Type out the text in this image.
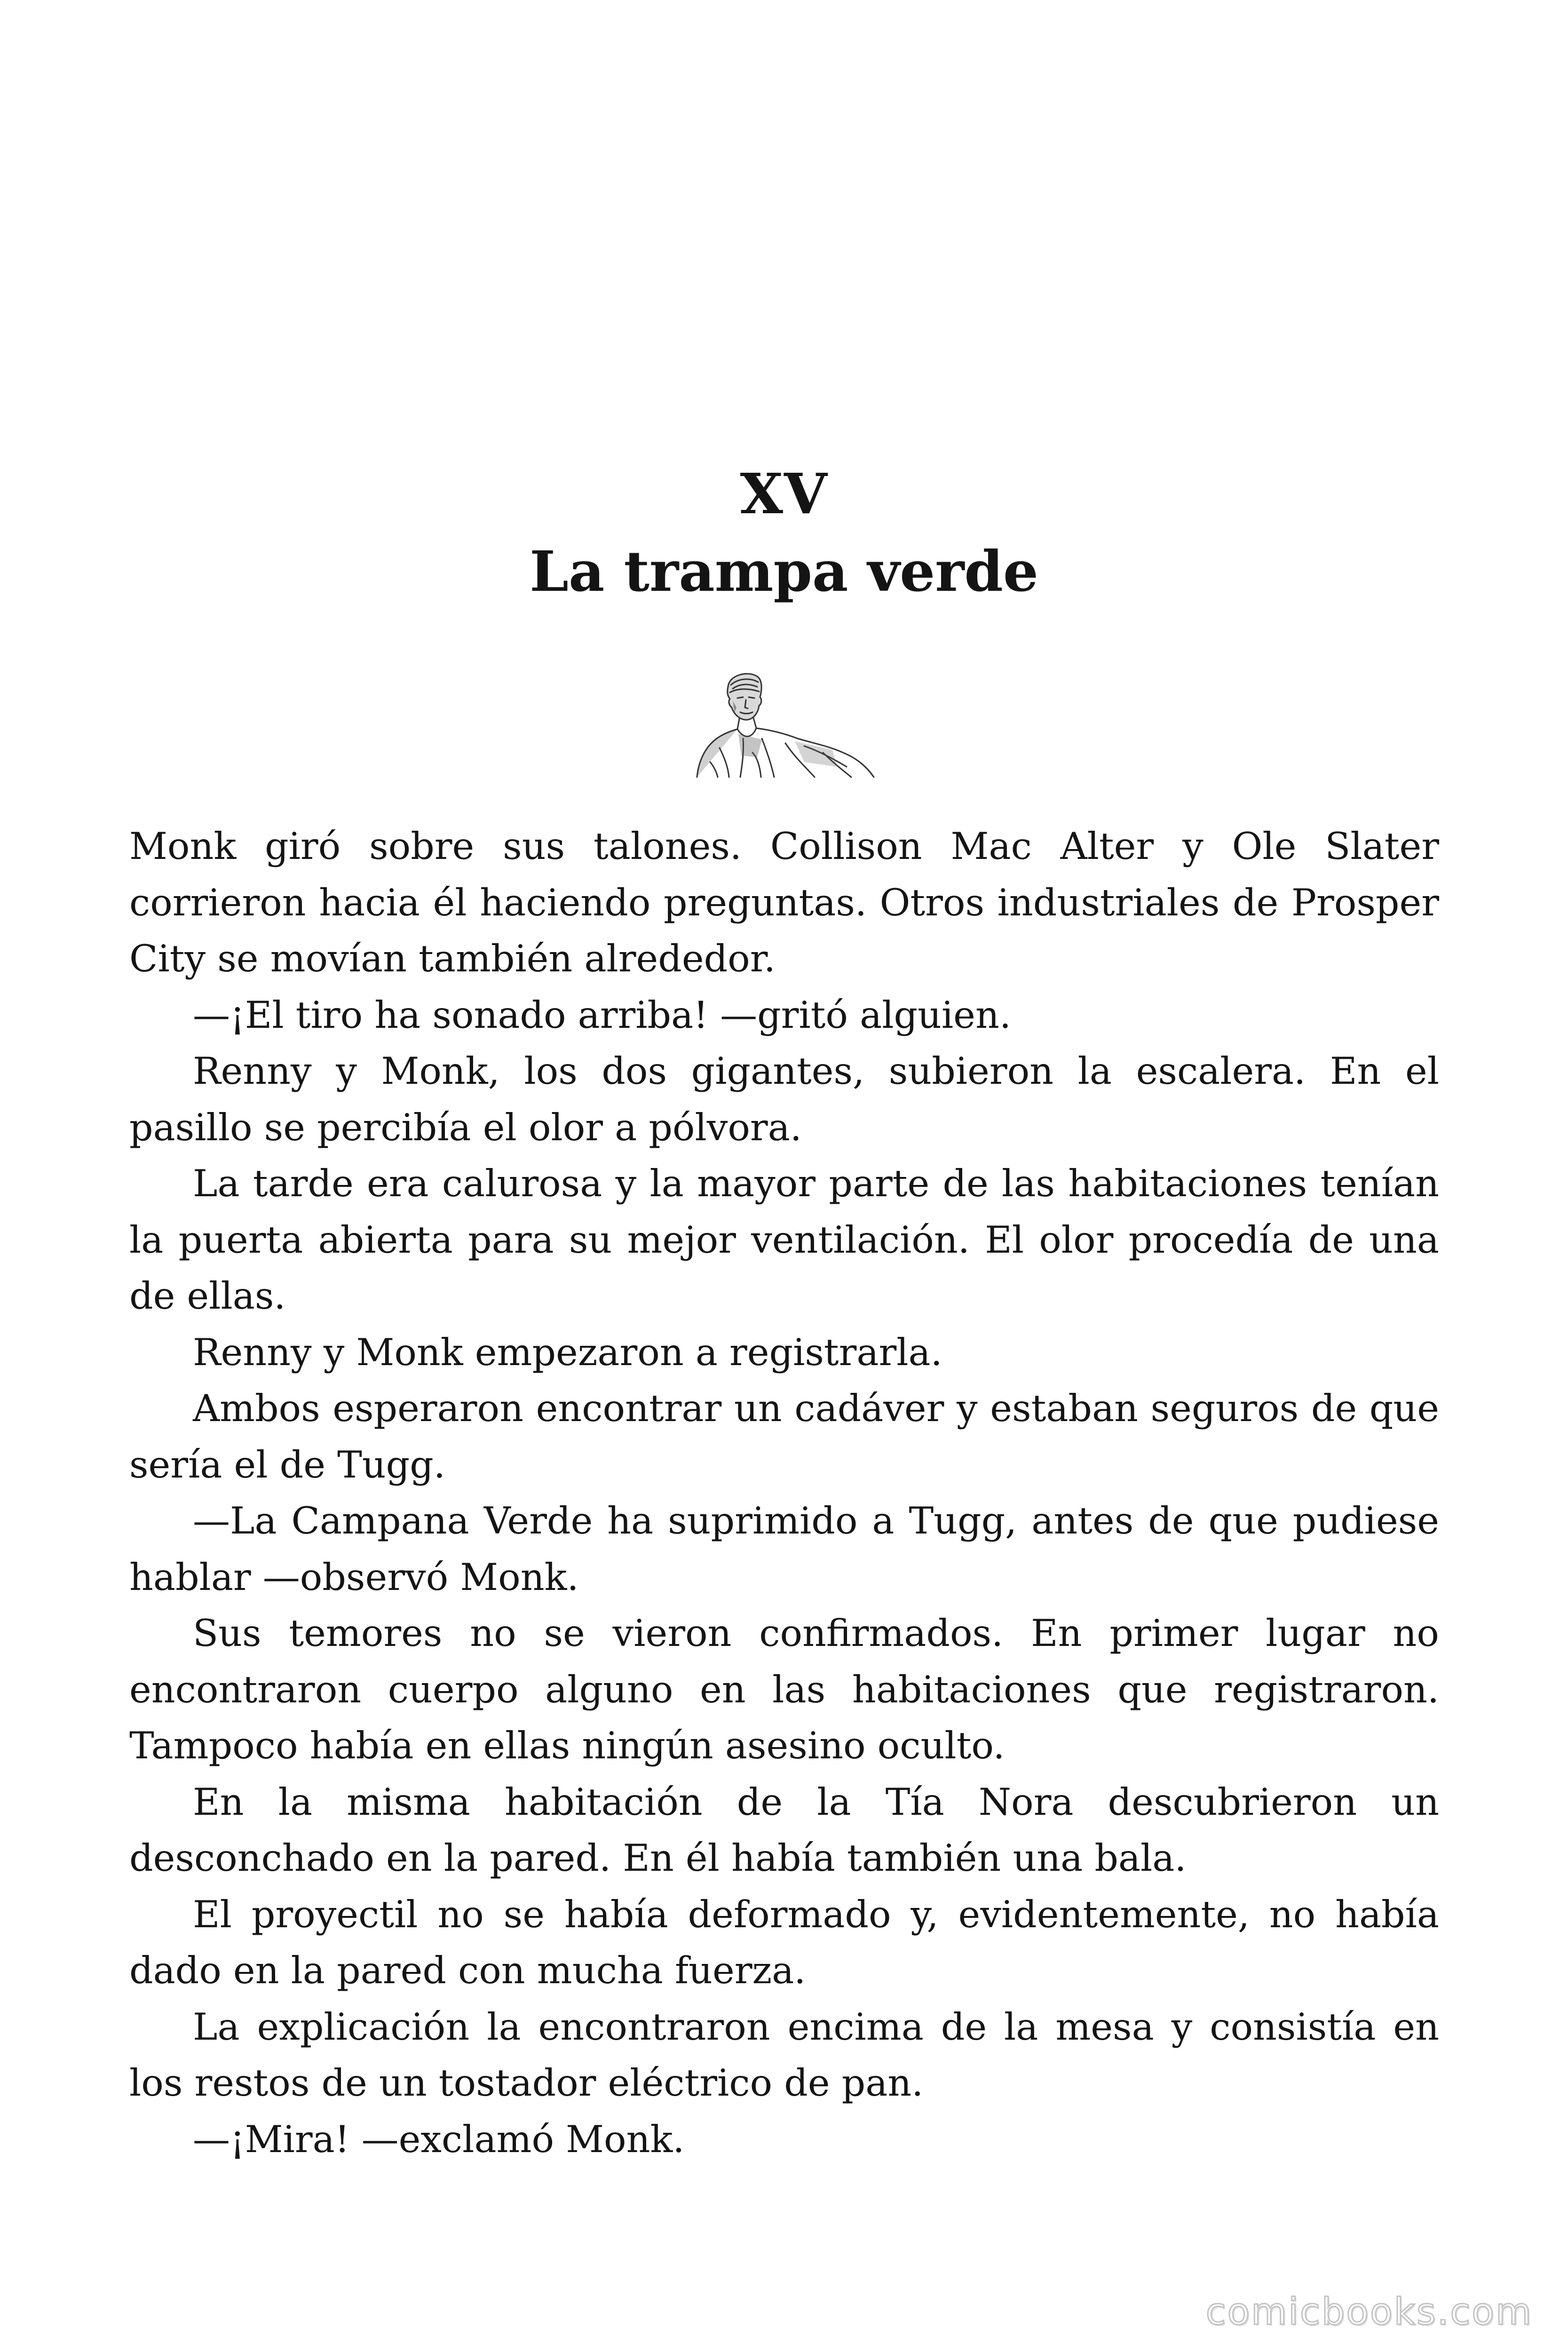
XV
La trampa verde

Monk giró sobre sus talones. Collison Mac Alter y Ole Slater corrieron hacia él haciendo preguntas. Otros industriales de Prosper City se movían también alrededor.

—¡El tiro ha sonado arriba! —gritó alguien.

Renny y Monk, los dos gigantes, subieron la escalera. En el pasillo se percibía el olor a pólvora.

La tarde era calurosa y la mayor parte de las habitaciones tenían la puerta abierta para su mejor ventilación. El olor procedía de una de ellas.

Renny y Monk empezaron a registrarla.

Ambos esperaron encontrar un cadáver y estaban seguros de que sería el de Tugg.

—La Campana Verde ha suprimido a Tugg, antes de que pudiese hablar —observó Monk.

Sus temores no se vieron confirmados. En primer lugar no encontraron cuerpo alguno en las habitaciones que registraron. Tampoco había en ellas ningún asesino oculto.

En la misma habitación de la Tía Nora descubrieron un desconchado en la pared. En él había también una bala.

El proyectil no se había deformado y, evidentemente, no había dado en la pared con mucha fuerza.

La explicación la encontraron encima de la mesa y consistía en los restos de un tostador eléctrico de pan.

—¡Mira! —exclamó Monk.

comicbooks.com
